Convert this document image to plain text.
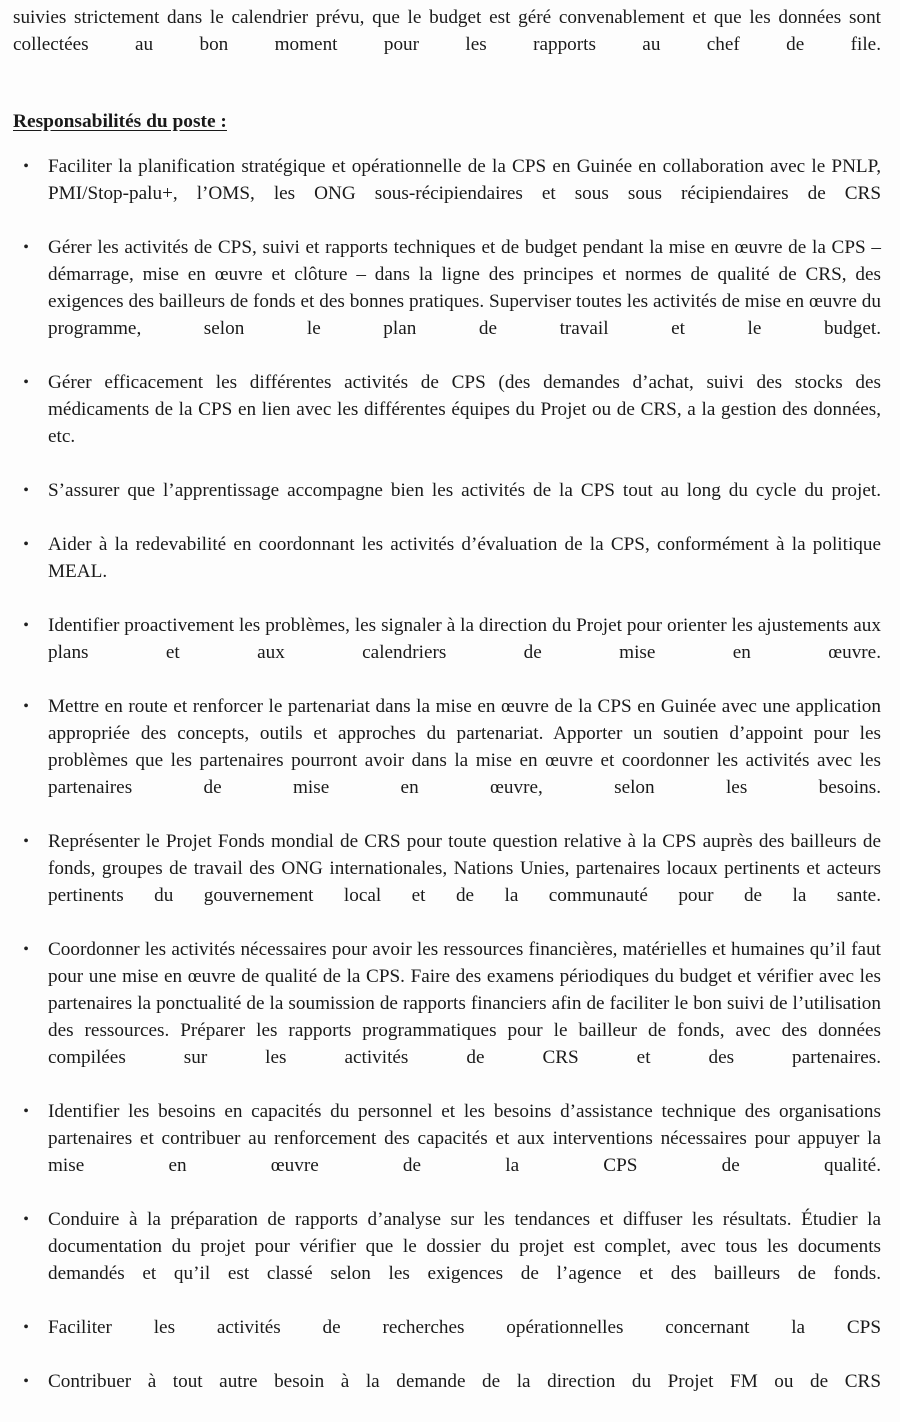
suivies strictement dans le calendrier prévu, que le budget est géré convenablement et que les données sont collectées au bon moment pour les rapports au chef de file.

Responsabilités du poste :
• Faciliter la planification stratégique et opérationnelle de la CPS en Guinée en collaboration avec le PNLP, PMI/Stop-palu+, l’OMS, les ONG sous-récipiendaires et sous sous récipiendaires de CRS
• Gérer les activités de CPS, suivi et rapports techniques et de budget pendant la mise en œuvre de la CPS – démarrage, mise en œuvre et clôture – dans la ligne des principes et normes de qualité de CRS, des exigences des bailleurs de fonds et des bonnes pratiques. Superviser toutes les activités de mise en œuvre du programme, selon le plan de travail et le budget.
• Gérer efficacement les différentes activités de CPS (des demandes d’achat, suivi des stocks des médicaments de la CPS en lien avec les différentes équipes du Projet ou de CRS, a la gestion des données, etc.
• S’assurer que l’apprentissage accompagne bien les activités de la CPS tout au long du cycle du projet.
• Aider à la redevabilité en coordonnant les activités d’évaluation de la CPS, conformément à la politique MEAL.
• Identifier proactivement les problèmes, les signaler à la direction du Projet pour orienter les ajustements aux plans et aux calendriers de mise en œuvre.
• Mettre en route et renforcer le partenariat dans la mise en œuvre de la CPS en Guinée avec une application appropriée des concepts, outils et approches du partenariat. Apporter un soutien d’appoint pour les problèmes que les partenaires pourront avoir dans la mise en œuvre et coordonner les activités avec les partenaires de mise en œuvre, selon les besoins.
• Représenter le Projet Fonds mondial de CRS pour toute question relative à la CPS auprès des bailleurs de fonds, groupes de travail des ONG internationales, Nations Unies, partenaires locaux pertinents et acteurs pertinents du gouvernement local et de la communauté pour de la sante.
• Coordonner les activités nécessaires pour avoir les ressources financières, matérielles et humaines qu’il faut pour une mise en œuvre de qualité de la CPS. Faire des examens périodiques du budget et vérifier avec les partenaires la ponctualité de la soumission de rapports financiers afin de faciliter le bon suivi de l’utilisation des ressources. Préparer les rapports programmatiques pour le bailleur de fonds, avec des données compilées sur les activités de CRS et des partenaires.
• Identifier les besoins en capacités du personnel et les besoins d’assistance technique des organisations partenaires et contribuer au renforcement des capacités et aux interventions nécessaires pour appuyer la mise en œuvre de la CPS de qualité.
• Conduire à la préparation de rapports d’analyse sur les tendances et diffuser les résultats. Étudier la documentation du projet pour vérifier que le dossier du projet est complet, avec tous les documents demandés et qu’il est classé selon les exigences de l’agence et des bailleurs de fonds.
• Faciliter les activités de recherches opérationnelles concernant la CPS
• Contribuer à tout autre besoin à la demande de la direction du Projet FM ou de CRS
